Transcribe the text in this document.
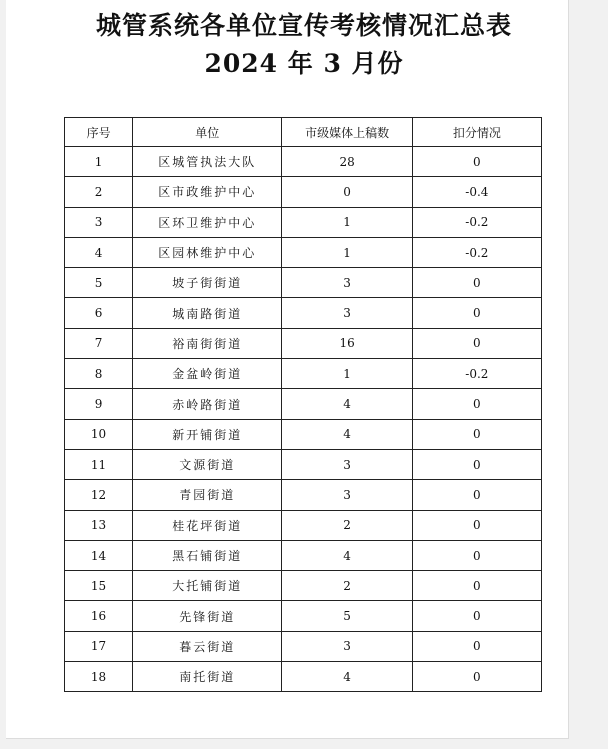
城管系统各单位宣传考核情况汇总表
2024 年 3 月份
序号	单位	市级媒体上稿数	扣分情况
1	区城管执法大队	28	0
2	区市政维护中心	0	-0.4
3	区环卫维护中心	1	-0.2
4	区园林维护中心	1	-0.2
5	坡子街街道	3	0
6	城南路街道	3	0
7	裕南街街道	16	0
8	金盆岭街道	1	-0.2
9	赤岭路街道	4	0
10	新开铺街道	4	0
11	文源街道	3	0
12	青园街道	3	0
13	桂花坪街道	2	0
14	黑石铺街道	4	0
15	大托铺街道	2	0
16	先锋街道	5	0
17	暮云街道	3	0
18	南托街道	4	0
